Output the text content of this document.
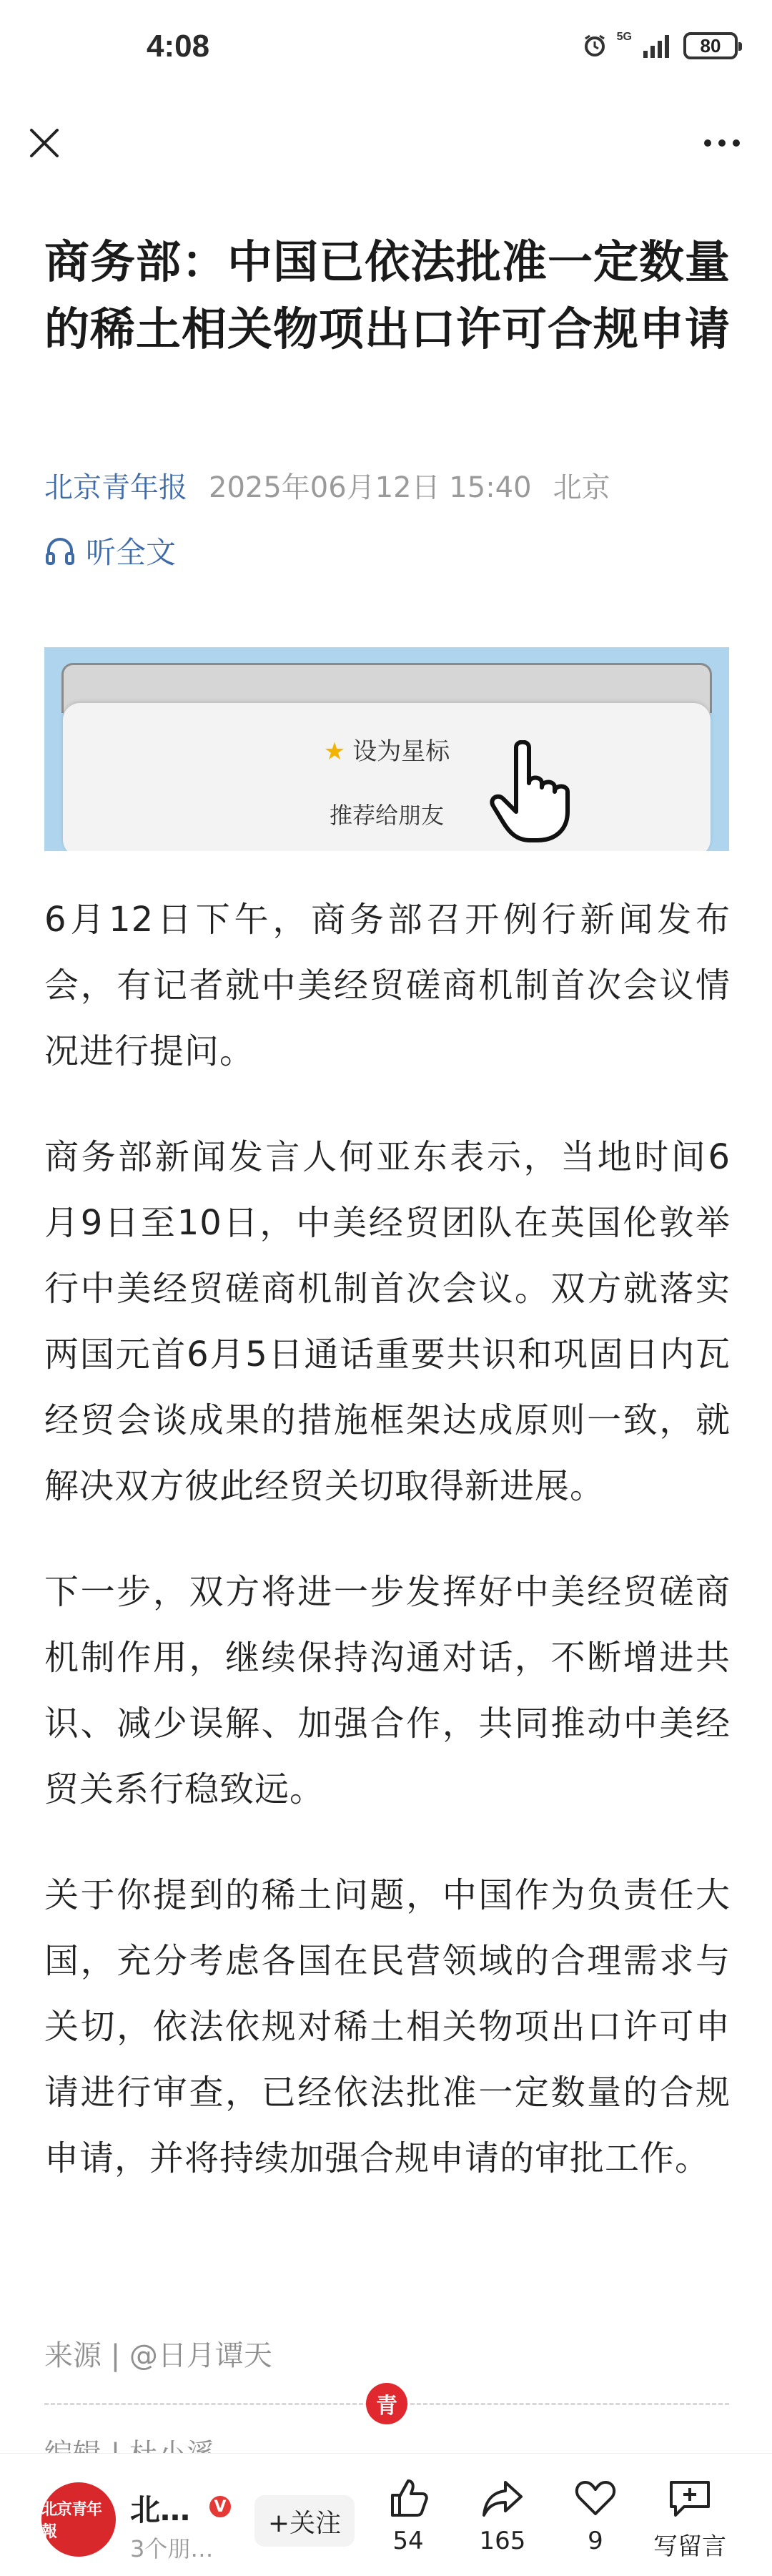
4:08	5G	80
商务部：中国已依法批准一定数量的稀土相关物项出口许可合规申请
北京青年报 2025年06月12日 15:40 北京
听全文
★ 设为星标
推荐给朋友

6月12日下午，商务部召开例行新闻发布会，有记者就中美经贸磋商机制首次会议情况进行提问。

商务部新闻发言人何亚东表示，当地时间6月9日至10日，中美经贸团队在英国伦敦举行中美经贸磋商机制首次会议。双方就落实两国元首6月5日通话重要共识和巩固日内瓦经贸会谈成果的措施框架达成原则一致，就解决双方彼此经贸关切取得新进展。

下一步，双方将进一步发挥好中美经贸磋商机制作用，继续保持沟通对话，不断增进共识、减少误解、加强合作，共同推动中美经贸关系行稳致远。

关于你提到的稀土问题，中国作为负责任大国，充分考虑各国在民营领域的合理需求与关切，依法依规对稀土相关物项出口许可申请进行审查，已经依法批准一定数量的合规申请，并将持续加强合规申请的审批工作。

来源 | @日月谭天
青
北京青年報
北…	V
3个朋…
+关注
54 165	9 写留言
